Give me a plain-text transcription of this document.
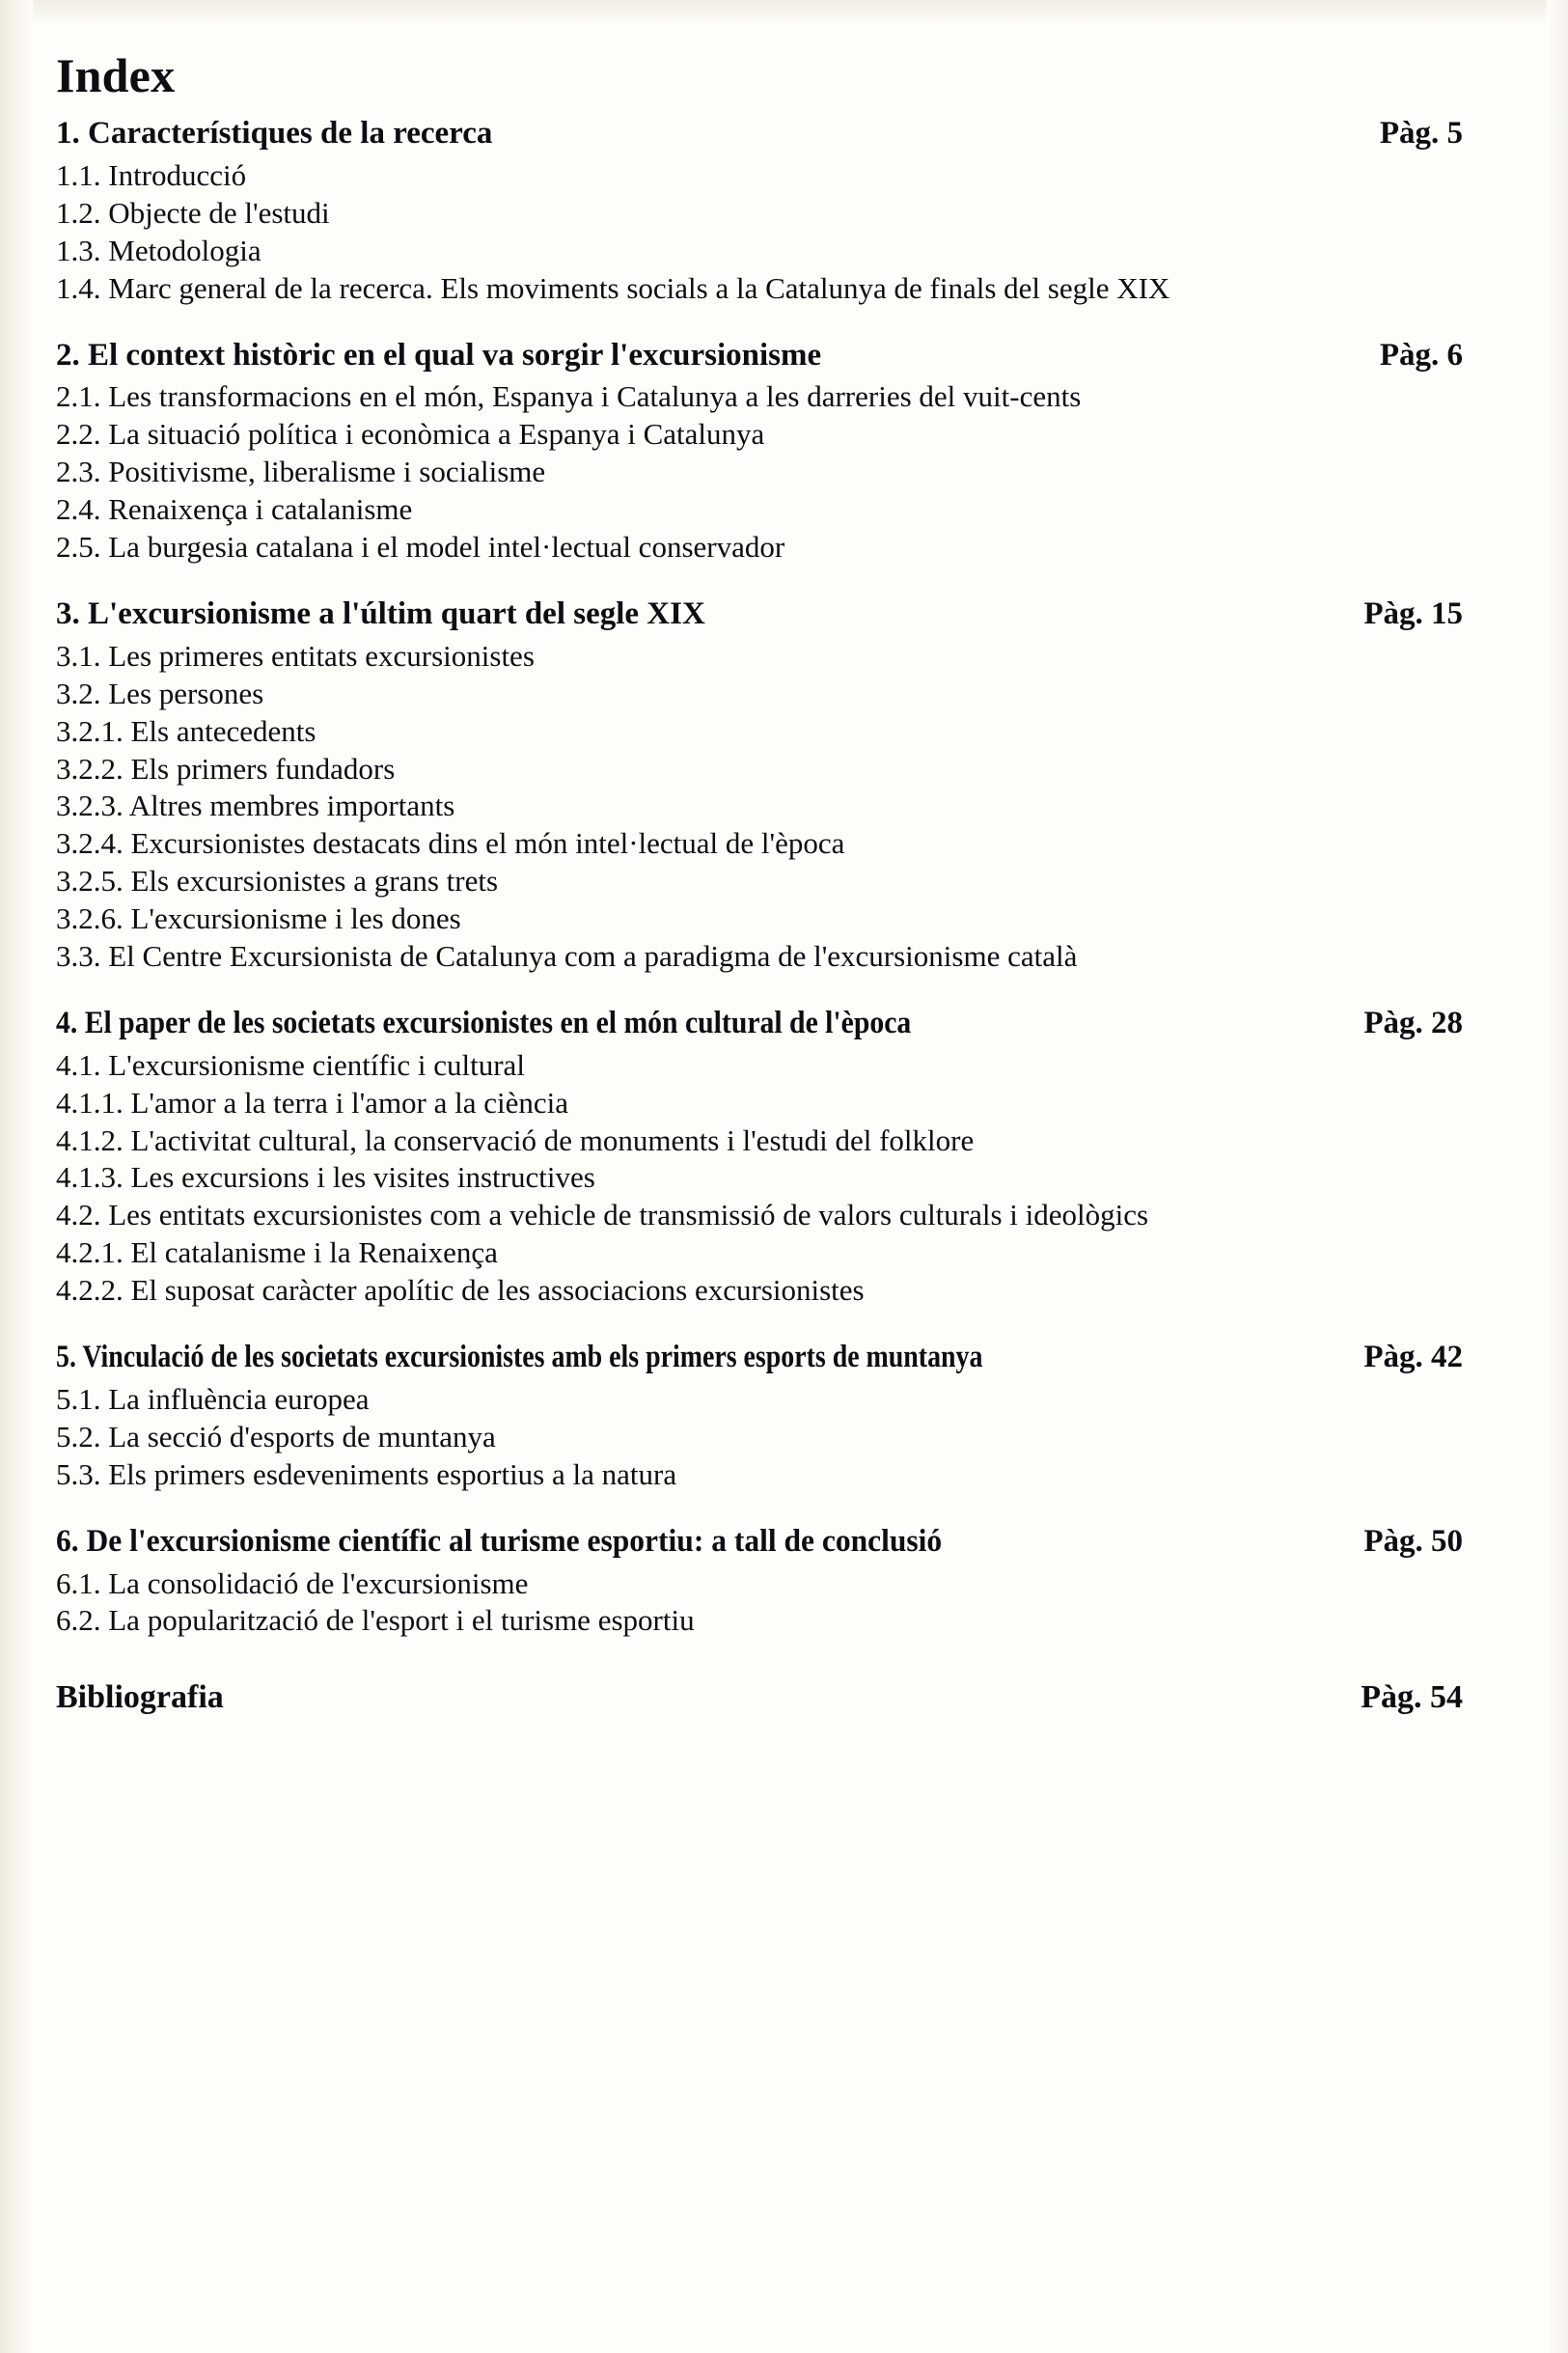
Index
1. Característiques de la recerca	Pàg. 5

1.1. Introducció

1.2. Objecte de l'estudi

1.3. Metodologia

1.4. Marc general de la recerca. Els moviments socials a la Catalunya de finals del segle XIX

2. El context històric en el qual va sorgir l'excursionisme	Pàg. 6

2.1. Les transformacions en el món, Espanya i Catalunya a les darreries del vuit-cents

2.2. La situació política i econòmica a Espanya i Catalunya

2.3. Positivisme, liberalisme i socialisme

2.4. Renaixença i catalanisme

2.5. La burgesia catalana i el model intel·lectual conservador

3. L'excursionisme a l'últim quart del segle XIX	Pàg. 15

3.1. Les primeres entitats excursionistes

3.2. Les persones

3.2.1. Els antecedents

3.2.2. Els primers fundadors

3.2.3. Altres membres importants

3.2.4. Excursionistes destacats dins el món intel·lectual de l'època

3.2.5. Els excursionistes a grans trets

3.2.6. L'excursionisme i les dones

3.3. El Centre Excursionista de Catalunya com a paradigma de l'excursionisme català

4. El paper de les societats excursionistes en el món cultural de l'època	Pàg. 28

4.1. L'excursionisme científic i cultural

4.1.1. L'amor a la terra i l'amor a la ciència

4.1.2. L'activitat cultural, la conservació de monuments i l'estudi del folklore

4.1.3. Les excursions i les visites instructives

4.2. Les entitats excursionistes com a vehicle de transmissió de valors culturals i ideològics

4.2.1. El catalanisme i la Renaixença

4.2.2. El suposat caràcter apolític de les associacions excursionistes

5. Vinculació de les societats excursionistes amb els primers esports de muntanya	Pàg. 42

5.1. La influència europea

5.2. La secció d'esports de muntanya

5.3. Els primers esdeveniments esportius a la natura

6. De l'excursionisme científic al turisme esportiu: a tall de conclusió	Pàg. 50

6.1. La consolidació de l'excursionisme

6.2. La popularització de l'esport i el turisme esportiu

Bibliografia	Pàg. 54
